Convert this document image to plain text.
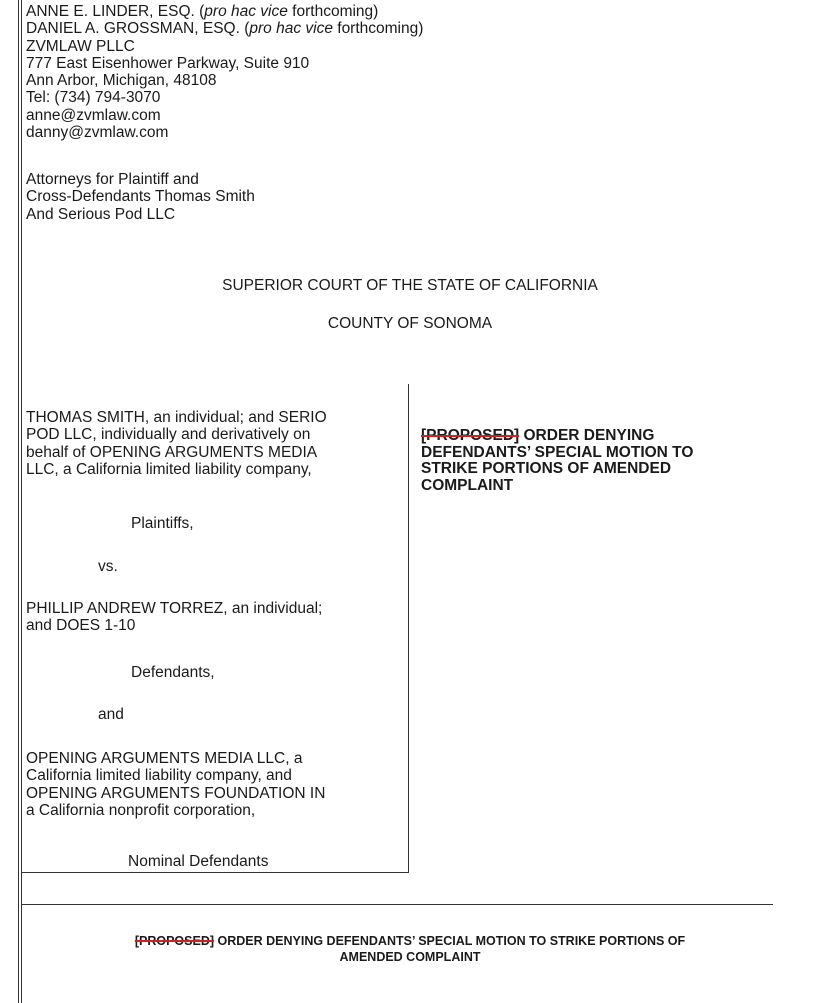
ANNE E. LINDER, ESQ. (pro hac vice forthcoming)
DANIEL A. GROSSMAN, ESQ. (pro hac vice forthcoming)
ZVMLAW PLLC
777 East Eisenhower Parkway, Suite 910
Ann Arbor, Michigan, 48108
Tel: (734) 794-3070
anne@zvmlaw.com
danny@zvmlaw.com
Attorneys for Plaintiff and
Cross-Defendants Thomas Smith
And Serious Pod LLC
SUPERIOR COURT OF THE STATE OF CALIFORNIA
COUNTY OF SONOMA
THOMAS SMITH, an individual; and SERIO
POD LLC, individually and derivatively on
behalf of OPENING ARGUMENTS MEDIA
LLC, a California limited liability company,
Plaintiffs,
vs.
PHILLIP ANDREW TORREZ, an individual;
and DOES 1-10
Defendants,
and
OPENING ARGUMENTS MEDIA LLC, a
California limited liability company, and
OPENING ARGUMENTS FOUNDATION IN
a California nonprofit corporation,
Nominal Defendants
[PROPOSED] ORDER DENYING
DEFENDANTS’ SPECIAL MOTION TO
STRIKE PORTIONS OF AMENDED
COMPLAINT
[PROPOSED] ORDER DENYING DEFENDANTS’ SPECIAL MOTION TO STRIKE PORTIONS OF
AMENDED COMPLAINT
